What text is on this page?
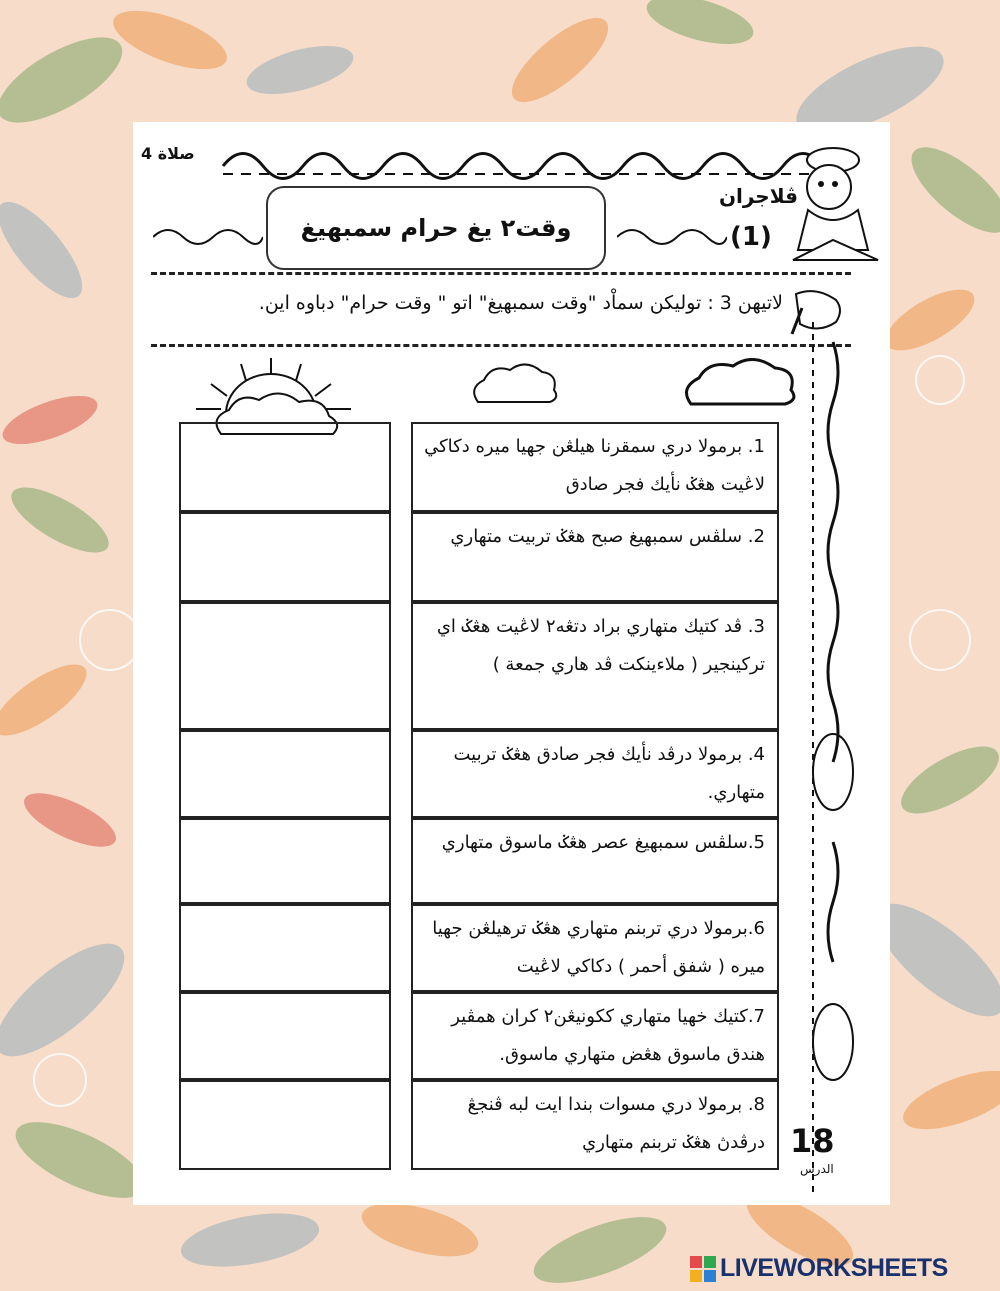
صلاة 4
وقت٢ يغ حرام سمبهيغ
ڤلاجران
(1)
لاتيهن 3 : توليكن سماْد "وقت سمبهيغ" اتو " وقت حرام" دباوه اين.
1. برمولا دري سمقرنا هيلڠن جهيا ميره دكاكي لاڠيت هڠݢ نأيك فجر صادق
2. سلڤس سمبهيغ صبح هڠݢ تربيت متهاري
3. ڤد كتيك متهاري براد دتڠه٢ لاڠيت هڠݢ اي تركينجير ( ملاءينكت ڤد هاري جمعة )
4. برمولا درڤد نأيك فجر صادق هڠݢ تربيت متهاري.
5.سلڤس سمبهيغ عصر هڠݢ ماسوق متهاري
6.برمولا دري تربنم متهاري هڠݢ ترهيلڠن جهيا ميره ( شفق أحمر ) دكاكي لاڠيت
7.كتيك خهيا متهاري ككونيڠن٢ كران همڤير هندق ماسوق هڠض متهاري ماسوق.
8. برمولا دري مسوات بندا ايت لبه ڤنجڠ درڤدڽ هڠݢ تربنم متهاري 18
الدرس
LIVEWORKSHEETS
